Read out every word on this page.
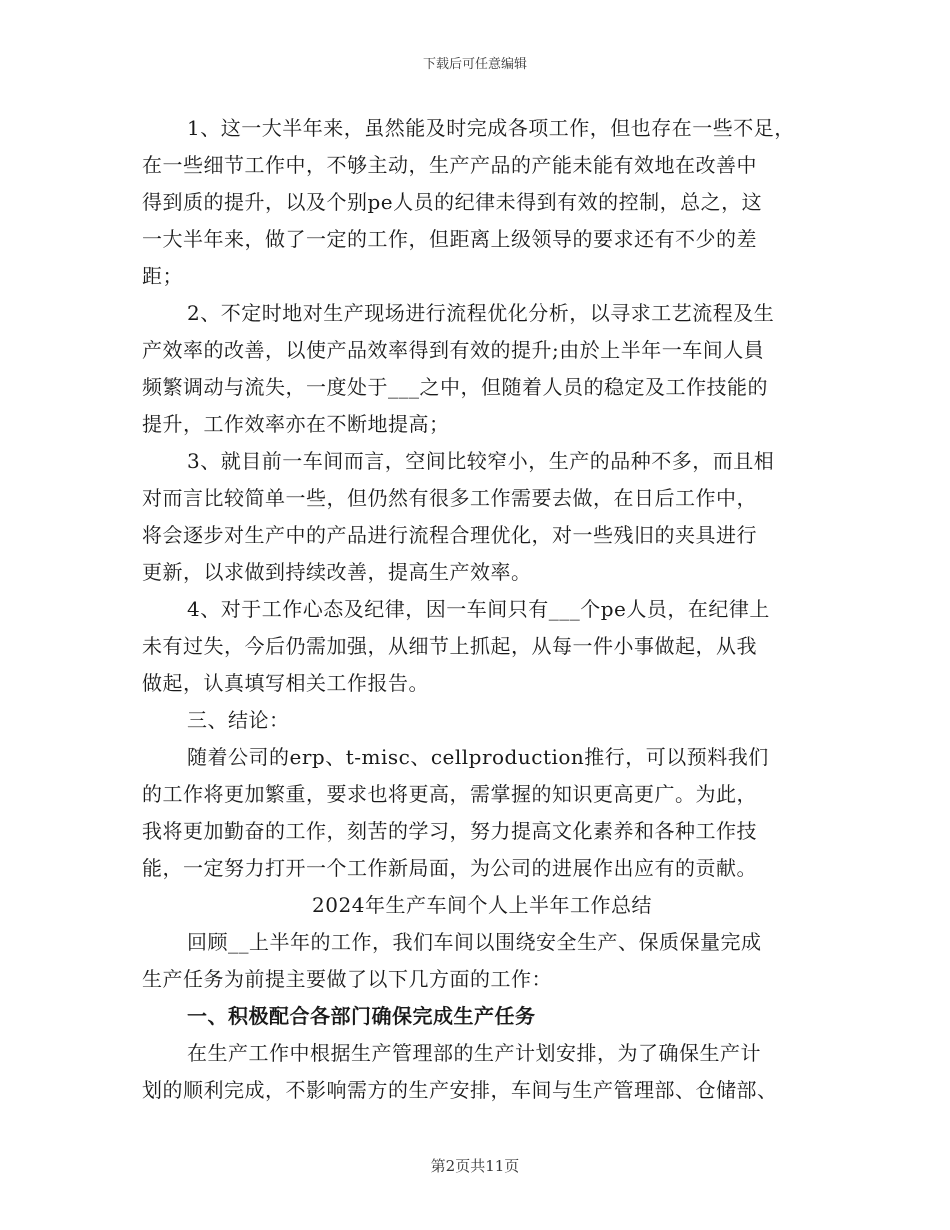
下载后可任意编辑
1、这一大半年来，虽然能及时完成各项工作，但也存在一些不足，
在一些细节工作中，不够主动，生产产品的产能未能有效地在改善中
得到质的提升，以及个别pe人员的纪律未得到有效的控制，总之，这
一大半年来，做了一定的工作，但距离上级领导的要求还有不少的差
距；
2、不定时地对生产现场进行流程优化分析，以寻求工艺流程及生
产效率的改善，以使产品效率得到有效的提升;由於上半年一车间人員
频繁调动与流失，一度处于___之中，但随着人员的稳定及工作技能的
提升，工作效率亦在不断地提高；
3、就目前一车间而言，空间比较窄小，生产的品种不多，而且相
对而言比较简单一些，但仍然有很多工作需要去做，在日后工作中，
将会逐步对生产中的产品进行流程合理优化，对一些残旧的夹具进行
更新，以求做到持续改善，提高生产效率。
4、对于工作心态及纪律，因一车间只有___个pe人员，在纪律上
未有过失，今后仍需加强，从细节上抓起，从每一件小事做起，从我
做起，认真填写相关工作报告。
三、结论：
随着公司的erp、t-misc、cellproduction推行，可以预料我们
的工作将更加繁重，要求也将更高，需掌握的知识更高更广。为此，
我将更加勤奋的工作，刻苦的学习，努力提高文化素养和各种工作技
能，一定努力打开一个工作新局面，为公司的进展作出应有的贡献。
2024年生产车间个人上半年工作总结
回顾__上半年的工作，我们车间以围绕安全生产、保质保量完成
生产任务为前提主要做了以下几方面的工作：
一、积极配合各部门确保完成生产任务
在生产工作中根据生产管理部的生产计划安排，为了确保生产计
划的顺利完成，不影响需方的生产安排，车间与生产管理部、仓储部、
第2页共11页
